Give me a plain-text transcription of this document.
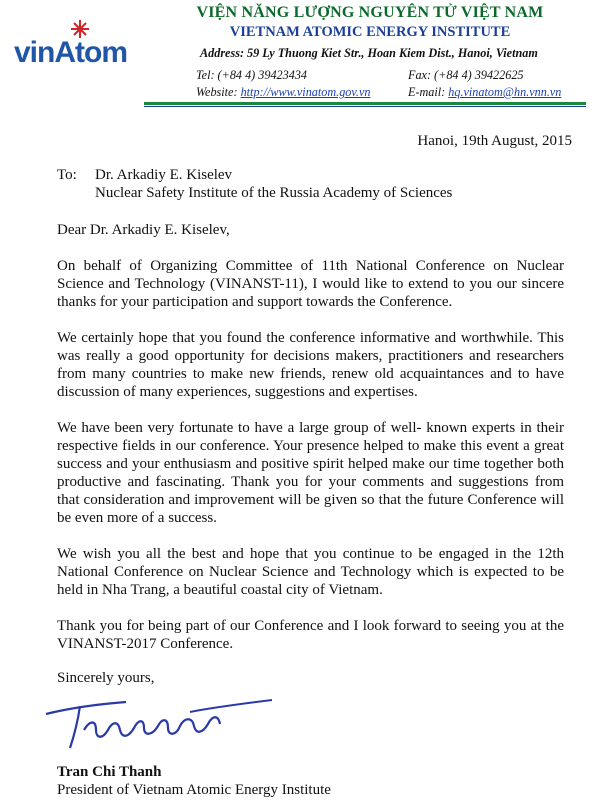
vinAtom
VIỆN NĂNG LƯỢNG NGUYÊN TỬ VIỆT NAM
VIETNAM ATOMIC ENERGY INSTITUTE
Address: 59 Ly Thuong Kiet Str., Hoan Kiem Dist., Hanoi, Vietnam
Tel: (+84 4) 39423434	Fax: (+84 4) 39422625
Website: http://www.vinatom.gov.vn	E-mail: hq.vinatom@hn.vnn.vn
Hanoi, 19th August, 2015
To: Dr. Arkadiy E. Kiselev
Nuclear Safety Institute of the Russia Academy of Sciences
Dear Dr. Arkadiy E. Kiselev,

On behalf of Organizing Committee of 11th National Conference on Nuclear Science and Technology (VINANST-11), I would like to extend to you our sincere thanks for your participation and support towards the Conference.

We certainly hope that you found the conference informative and worthwhile. This was really a good opportunity for decisions makers, practitioners and researchers from many countries to make new friends, renew old acquaintances and to have discussion of many experiences, suggestions and expertises.

We have been very fortunate to have a large group of well- known experts in their respective fields in our conference. Your presence helped to make this event a great success and your enthusiasm and positive spirit helped make our time together both productive and fascinating. Thank you for your comments and suggestions from that consideration and improvement will be given so that the future Conference will be even more of a success.

We wish you all the best and hope that you continue to be engaged in the 12th National Conference on Nuclear Science and Technology which is expected to be held in Nha Trang, a beautiful coastal city of Vietnam.

Thank you for being part of our Conference and I look forward to seeing you at the VINANST-2017 Conference.

Sincerely yours,
Tran Chi Thanh
President of Vietnam Atomic Energy Institute
